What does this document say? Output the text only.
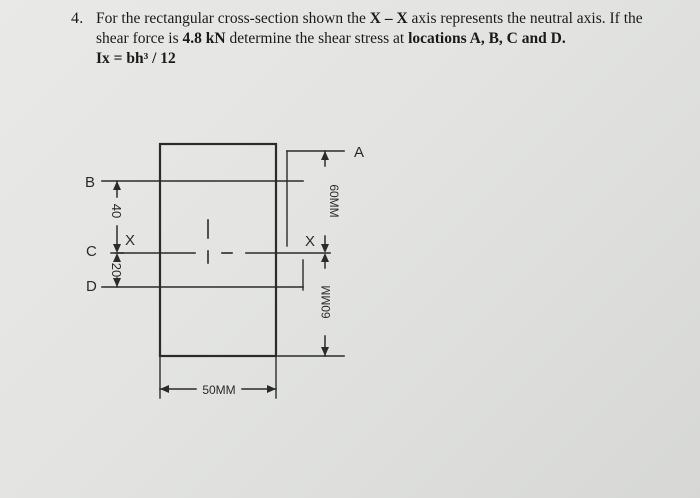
4. For the rectangular cross-section shown the X – X axis represents the neutral axis. If the
shear force is 4.8 kN determine the shear stress at locations A, B, C and D.
Ix = bh³ / 12
A
B
C
D
X	X
40
20
60MM
60MM
50MM
